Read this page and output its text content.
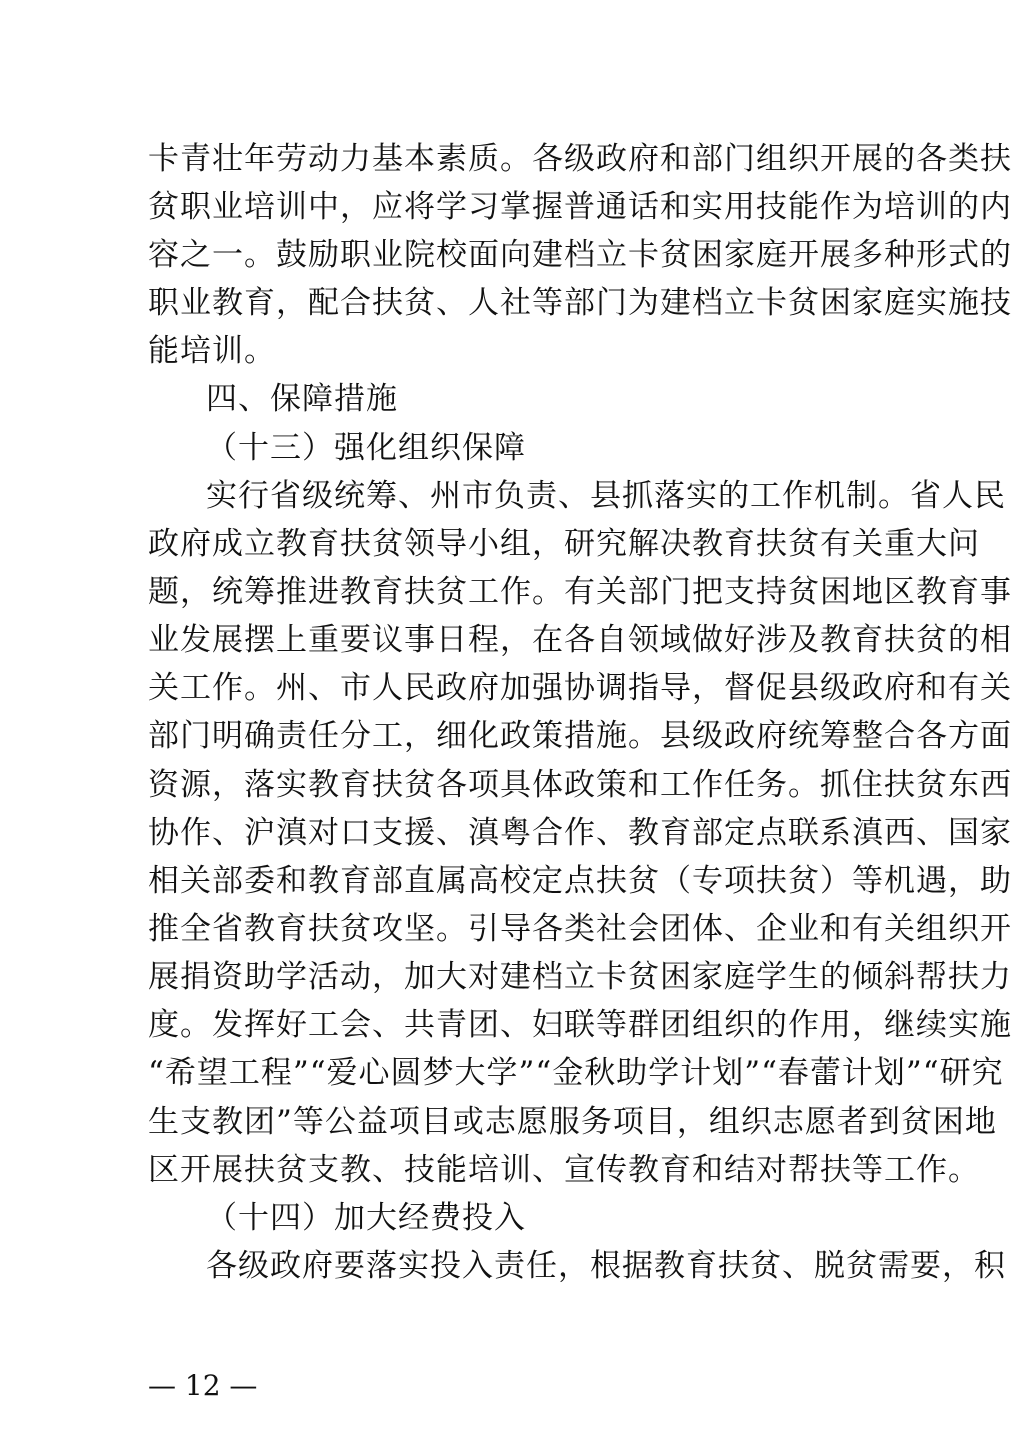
卡青壮年劳动力基本素质。各级政府和部门组织开展的各类扶
贫职业培训中，应将学习掌握普通话和实用技能作为培训的内
容之一。鼓励职业院校面向建档立卡贫困家庭开展多种形式的
职业教育，配合扶贫、人社等部门为建档立卡贫困家庭实施技
能培训。
四、保障措施
（十三）强化组织保障
实行省级统筹、州市负责、县抓落实的工作机制。省人民
政府成立教育扶贫领导小组，研究解决教育扶贫有关重大问
题，统筹推进教育扶贫工作。有关部门把支持贫困地区教育事
业发展摆上重要议事日程，在各自领域做好涉及教育扶贫的相
关工作。州、市人民政府加强协调指导，督促县级政府和有关
部门明确责任分工，细化政策措施。县级政府统筹整合各方面
资源，落实教育扶贫各项具体政策和工作任务。抓住扶贫东西
协作、沪滇对口支援、滇粤合作、教育部定点联系滇西、国家
相关部委和教育部直属高校定点扶贫（专项扶贫）等机遇，助
推全省教育扶贫攻坚。引导各类社会团体、企业和有关组织开
展捐资助学活动，加大对建档立卡贫困家庭学生的倾斜帮扶力
度。发挥好工会、共青团、妇联等群团组织的作用，继续实施
“希望工程”“爱心圆梦大学”“金秋助学计划”“春蕾计划”“研究
生支教团”等公益项目或志愿服务项目，组织志愿者到贫困地
区开展扶贫支教、技能培训、宣传教育和结对帮扶等工作。
（十四）加大经费投入
各级政府要落实投入责任，根据教育扶贫、脱贫需要，积
— 12 —
